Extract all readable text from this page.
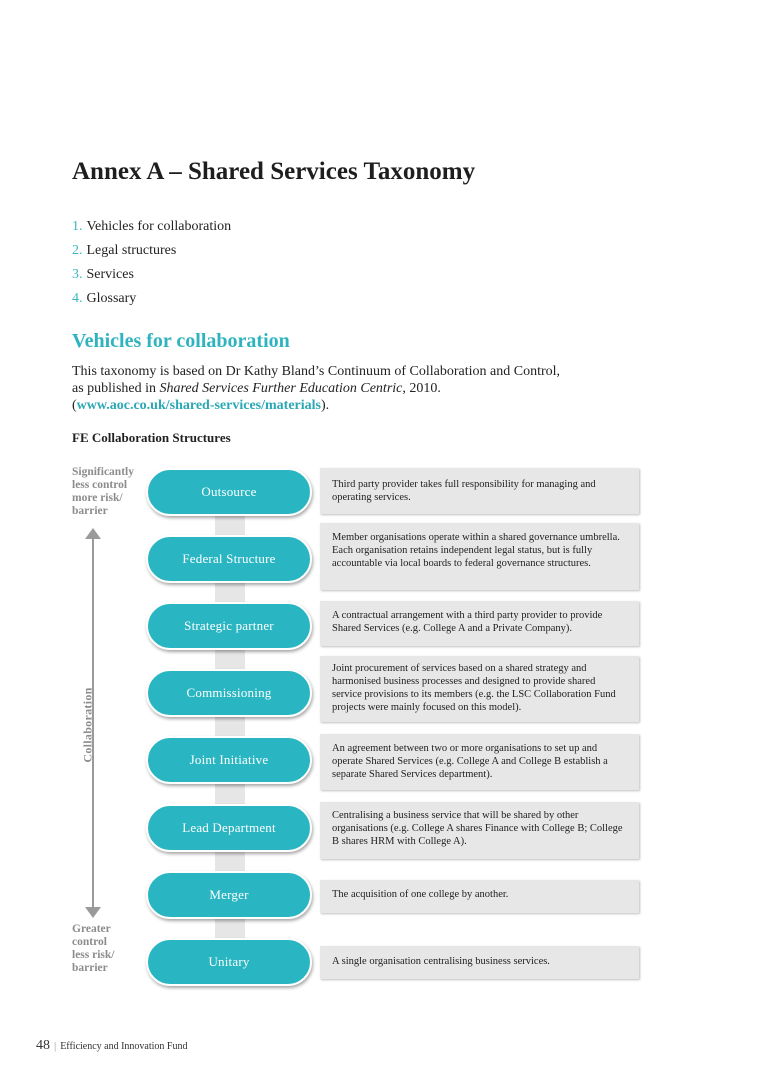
Annex A – Shared Services Taxonomy
1. Vehicles for collaboration
2. Legal structures
3. Services
4. Glossary
Vehicles for collaboration
This taxonomy is based on Dr Kathy Bland’s Continuum of Collaboration and Control,
as published in Shared Services Further Education Centric, 2010.
(www.aoc.co.uk/shared-services/materials).
FE Collaboration Structures
Significantly
less control
more risk/
barrier
Collaboration
Greater
control
less risk/
barrier
Third party provider takes full responsibility for managing and operating services.
Outsource
Member organisations operate within a shared governance umbrella. Each organisation retains independent legal status, but is fully accountable via local boards to federal governance structures.
Federal Structure
A contractual arrangement with a third party provider to provide Shared Services (e.g. College A and a Private Company).
Strategic partner
Joint procurement of services based on a shared strategy and harmonised business processes and designed to provide shared service provisions to its members (e.g. the LSC Collaboration Fund projects were mainly focused on this model).
Commissioning
An agreement between two or more organisations to set up and operate Shared Services (e.g. College A and College B establish a separate Shared Services department).
Joint Initiative
Centralising a business service that will be shared by other organisations (e.g. College A shares Finance with College B; College B shares HRM with College A).
Lead Department
The acquisition of one college by another.
Merger
A single organisation centralising business services.
Unitary
48 | Efficiency and Innovation Fund
